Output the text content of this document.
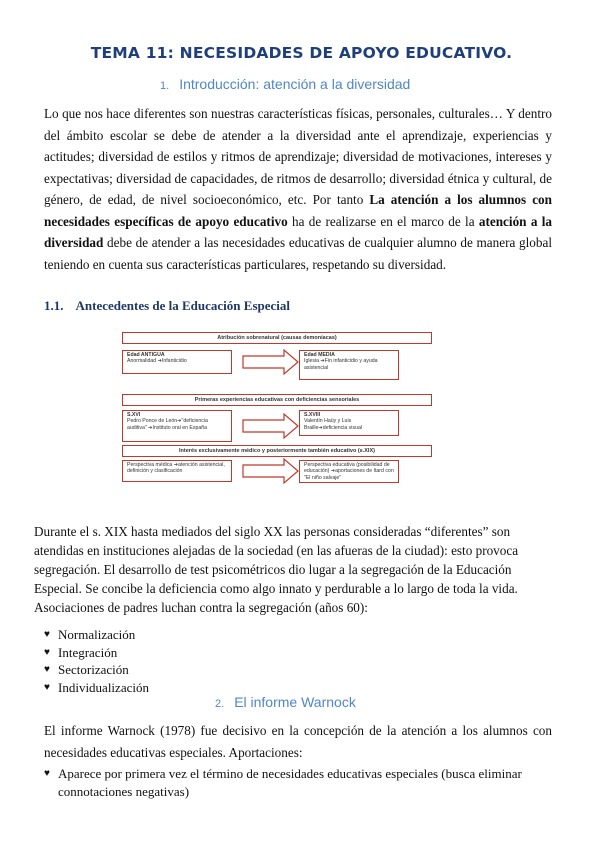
TEMA 11: NECESIDADES DE APOYO EDUCATIVO.
1. Introducción: atención a la diversidad
Lo que nos hace diferentes son nuestras características físicas, personales, culturales… Y dentro del ámbito escolar se debe de atender a la diversidad ante el aprendizaje, experiencias y actitudes; diversidad de estilos y ritmos de aprendizaje; diversidad de motivaciones, intereses y expectativas; diversidad de capacidades, de ritmos de desarrollo; diversidad étnica y cultural, de género, de edad, de nivel socioeconómico, etc. Por tanto La atención a los alumnos con necesidades específicas de apoyo educativo ha de realizarse en el marco de la atención a la diversidad debe de atender a las necesidades educativas de cualquier alumno de manera global teniendo en cuenta sus características particulares, respetando su diversidad.
1.1. Antecedentes de la Educación Especial
Atribución sobrenatural (causas demoníacas)
Edad ANTIGUA
Anormalidad ➔Infanticidio
Edad MEDIA
Iglesia ➔Fin infanticidio y ayuda asistencial
Primeras experiencias educativas con deficiencias sensoriales
S.XVI
Pedro Ponce de León➔"deficiencia auditiva" ➔Instituto oral en España
S.XVIII
Valentín Haüy y Luis Braille➔deficiencia visual
Interés exclusivamente médico y posteriormente también educativo (s.XIX)
Perspectiva médica ➔atención asistencial, definición y clasificación
Perspectiva educativa (posibilidad de educación) ➔aportaciones de Itard con "El niño salvaje"
Durante el s. XIX hasta mediados del siglo XX las personas consideradas “diferentes” son atendidas en instituciones alejadas de la sociedad (en las afueras de la ciudad): esto provoca segregación. El desarrollo de test psicométricos dio lugar a la segregación de la Educación Especial. Se concibe la deficiencia como algo innato y perdurable a lo largo de toda la vida. Asociaciones de padres luchan contra la segregación (años 60):
♥ Normalización
♥ Integración
♥ Sectorización
♥ Individualización
2. El informe Warnock
El informe Warnock (1978) fue decisivo en la concepción de la atención a los alumnos con necesidades educativas especiales. Aportaciones:
♥ Aparece por primera vez el término de necesidades educativas especiales (busca eliminar connotaciones negativas)
